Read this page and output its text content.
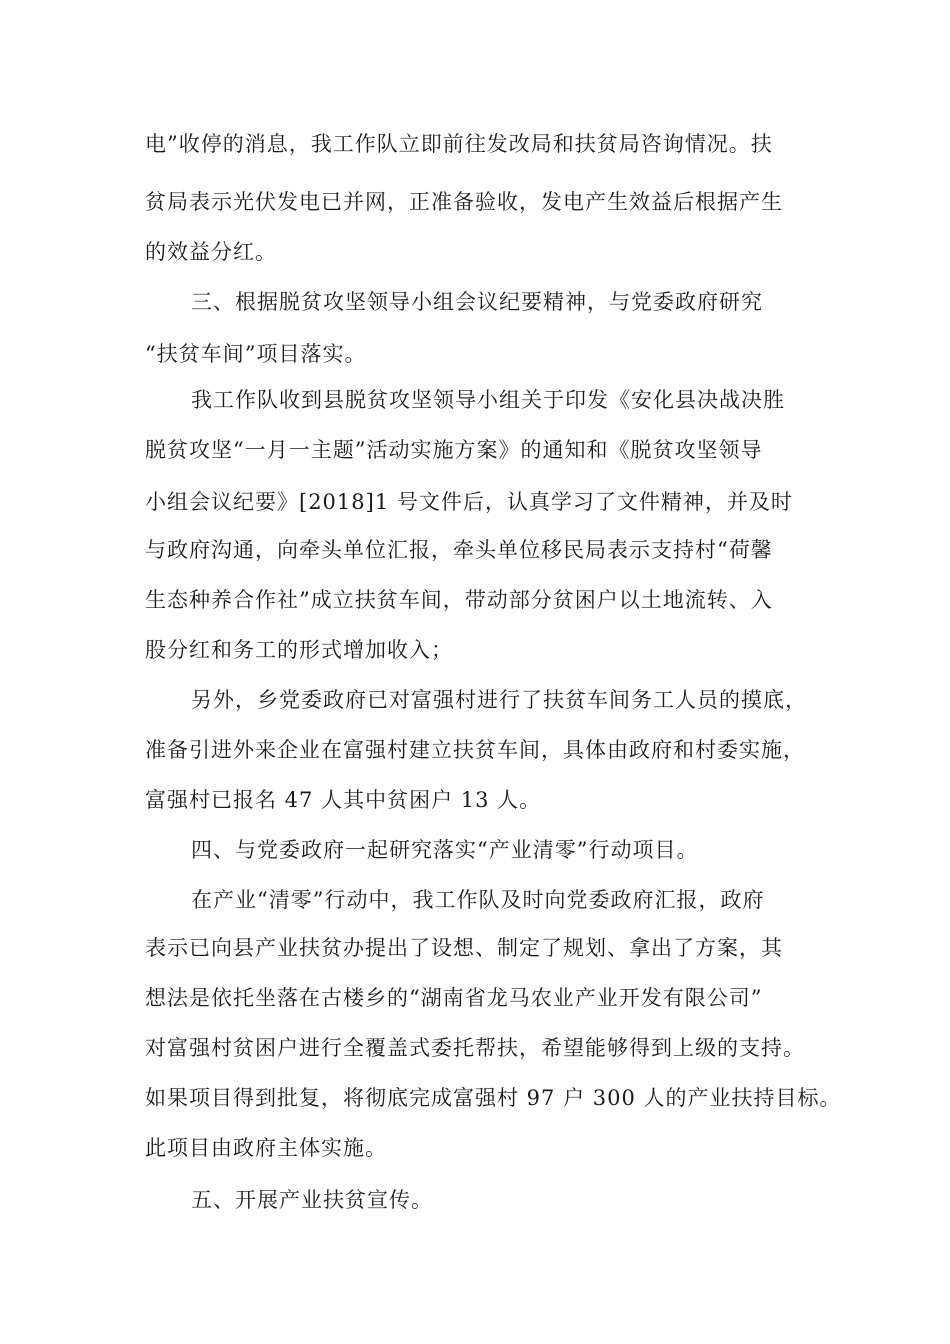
电”收停的消息，我工作队立即前往发改局和扶贫局咨询情况。扶
贫局表示光伏发电已并网，正准备验收，发电产生效益后根据产生
的效益分红。
三、根据脱贫攻坚领导小组会议纪要精神，与党委政府研究
“扶贫车间”项目落实。
我工作队收到县脱贫攻坚领导小组关于印发《安化县决战决胜
脱贫攻坚“一月一主题”活动实施方案》的通知和《脱贫攻坚领导
小组会议纪要》[2018]1 号文件后，认真学习了文件精神，并及时
与政府沟通，向牵头单位汇报，牵头单位移民局表示支持村“荷馨
生态种养合作社”成立扶贫车间，带动部分贫困户以土地流转、入
股分红和务工的形式增加收入；
另外，乡党委政府已对富强村进行了扶贫车间务工人员的摸底，
准备引进外来企业在富强村建立扶贫车间，具体由政府和村委实施，
富强村已报名 47 人其中贫困户 13 人。
四、与党委政府一起研究落实“产业清零”行动项目。
在产业“清零”行动中，我工作队及时向党委政府汇报，政府
表示已向县产业扶贫办提出了设想、制定了规划、拿出了方案，其
想法是依托坐落在古楼乡的“湖南省龙马农业产业开发有限公司”
对富强村贫困户进行全覆盖式委托帮扶，希望能够得到上级的支持。
如果项目得到批复，将彻底完成富强村 97 户 300 人的产业扶持目标。
此项目由政府主体实施。
五、开展产业扶贫宣传。
